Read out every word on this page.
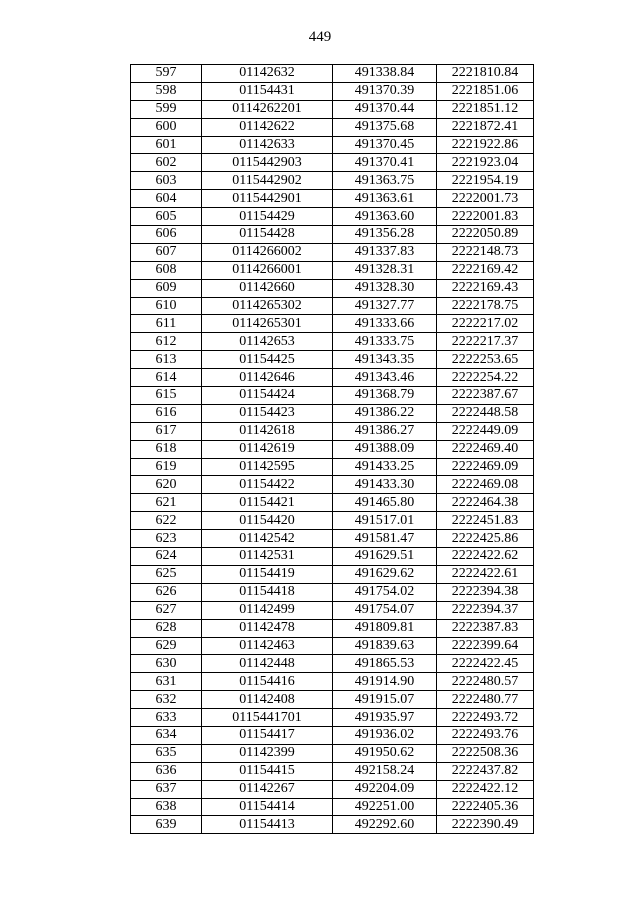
449
597	01142632	491338.84	2221810.84
598	01154431	491370.39	2221851.06
599	0114262201	491370.44	2221851.12
600	01142622	491375.68	2221872.41
601	01142633	491370.45	2221922.86
602	0115442903	491370.41	2221923.04
603	0115442902	491363.75	2221954.19
604	0115442901	491363.61	2222001.73
605	01154429	491363.60	2222001.83
606	01154428	491356.28	2222050.89
607	0114266002	491337.83	2222148.73
608	0114266001	491328.31	2222169.42
609	01142660	491328.30	2222169.43
610	0114265302	491327.77	2222178.75
611	0114265301	491333.66	2222217.02
612	01142653	491333.75	2222217.37
613	01154425	491343.35	2222253.65
614	01142646	491343.46	2222254.22
615	01154424	491368.79	2222387.67
616	01154423	491386.22	2222448.58
617	01142618	491386.27	2222449.09
618	01142619	491388.09	2222469.40
619	01142595	491433.25	2222469.09
620	01154422	491433.30	2222469.08
621	01154421	491465.80	2222464.38
622	01154420	491517.01	2222451.83
623	01142542	491581.47	2222425.86
624	01142531	491629.51	2222422.62
625	01154419	491629.62	2222422.61
626	01154418	491754.02	2222394.38
627	01142499	491754.07	2222394.37
628	01142478	491809.81	2222387.83
629	01142463	491839.63	2222399.64
630	01142448	491865.53	2222422.45
631	01154416	491914.90	2222480.57
632	01142408	491915.07	2222480.77
633	0115441701	491935.97	2222493.72
634	01154417	491936.02	2222493.76
635	01142399	491950.62	2222508.36
636	01154415	492158.24	2222437.82
637	01142267	492204.09	2222422.12
638	01154414	492251.00	2222405.36
639	01154413	492292.60	2222390.49
